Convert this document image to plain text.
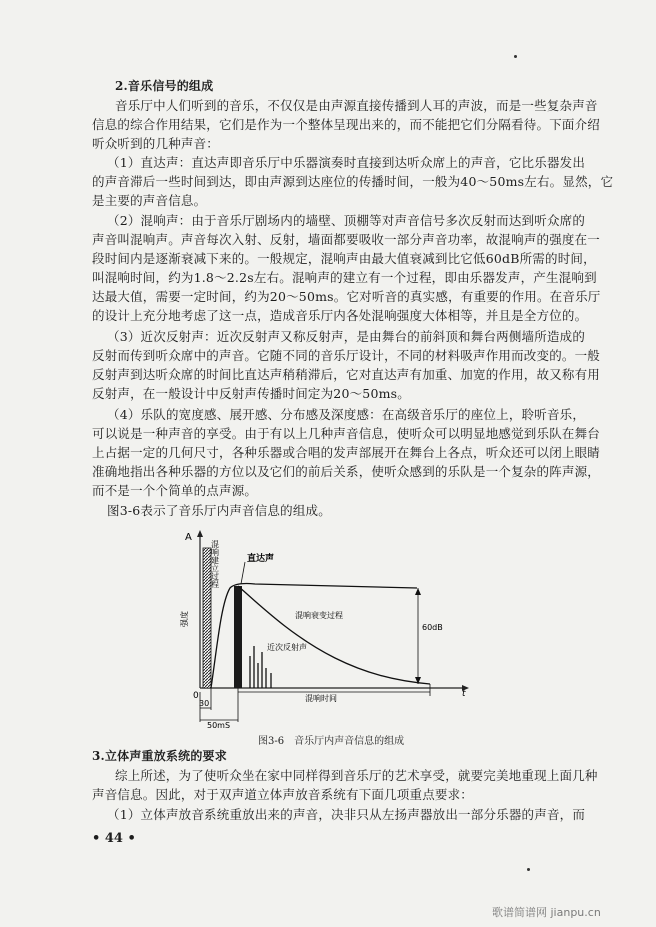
2.音乐信号的组成
音乐厅中人们听到的音乐，不仅仅是由声源直接传播到人耳的声波，而是一些复杂声音
信息的综合作用结果，它们是作为一个整体呈现出来的，而不能把它们分隔看待。下面介绍
听众听到的几种声音：
（1）直达声：直达声即音乐厅中乐器演奏时直接到达听众席上的声音，它比乐器发出
的声音滞后一些时间到达，即由声源到达座位的传播时间，一般为40～50ms左右。显然，它
是主要的声音信息。
（2）混响声：由于音乐厅剧场内的墙壁、顶棚等对声音信号多次反射而达到听众席的
声音叫混响声。声音每次入射、反射，墙面都要吸收一部分声音功率，故混响声的强度在一
段时间内是逐渐衰减下来的。一般规定，混响声由最大值衰减到比它低60dB所需的时间，
叫混响时间，约为1.8～2.2s左右。混响声的建立有一个过程，即由乐器发声，产生混响到
达最大值，需要一定时间，约为20～50ms。它对听音的真实感，有重要的作用。在音乐厅
的设计上充分地考虑了这一点，造成音乐厅内各处混响强度大体相等，并且是全方位的。
（3）近次反射声：近次反射声又称反射声，是由舞台的前斜顶和舞台两侧墙所造成的
反射而传到听众席中的声音。它随不同的音乐厅设计，不同的材料吸声作用而改变的。一般
反射声到达听众席的时间比直达声稍稍滞后，它对直达声有加重、加宽的作用，故又称有用
反射声，在一般设计中反射声传播时间定为20～50ms。
（4）乐队的宽度感、展开感、分布感及深度感：在高级音乐厅的座位上，聆听音乐，
可以说是一种声音的享受。由于有以上几种声音信息，使听众可以明显地感觉到乐队在舞台
上占据一定的几何尺寸，各种乐器或合唱的发声部展开在舞台上各点，听众还可以闭上眼睛
准确地指出各种乐器的方位以及它们的前后关系，使听众感到的乐队是一个复杂的阵声源，
而不是一个个简单的点声源。
图3-6表示了音乐厅内声音信息的组成。
A
0	t
强度
混响建立过程	直达声
混响衰变过程
近次反射声
60dB
混响时间
30
50mS
图3-6　音乐厅内声音信息的组成
3.立体声重放系统的要求
综上所述，为了使听众坐在家中同样得到音乐厅的艺术享受，就要完美地重现上面几种
声音信息。因此，对于双声道立体声放音系统有下面几项重点要求：
（1）立体声放音系统重放出来的声音，决非只从左扬声器放出一部分乐器的声音，而
• 44 •
歌谱简谱网 jianpu.cn
